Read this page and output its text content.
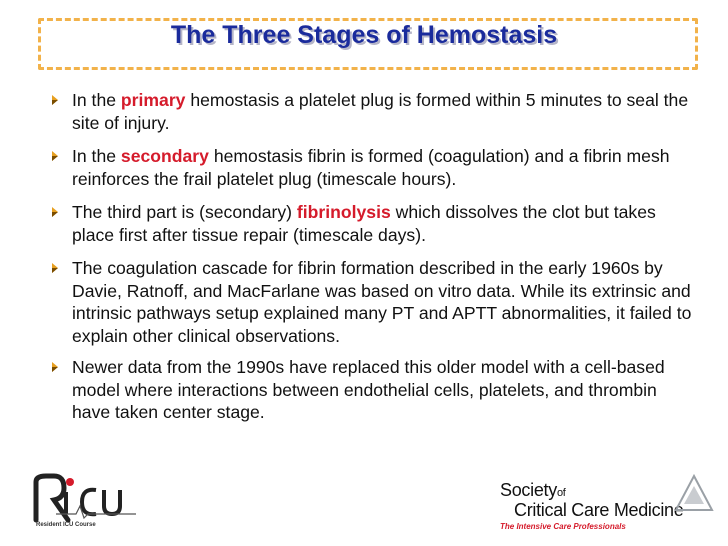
The Three Stages of Hemostasis
In the primary hemostasis a platelet plug is formed within 5 minutes to seal the site of injury.
In the secondary hemostasis fibrin is formed (coagulation) and a fibrin mesh reinforces the frail platelet plug (timescale hours).
The third part is (secondary) fibrinolysis which dissolves the clot but takes place first after tissue repair (timescale days).
The coagulation cascade for fibrin formation described in the early 1960s by Davie, Ratnoff, and MacFarlane was based on vitro data. While its extrinsic and intrinsic pathways setup explained many PT and APTT abnormalities, it failed to explain other clinical observations.
Newer data from the 1990s have replaced this older model with a cell-based model where interactions between endothelial cells, platelets, and thrombin have taken center stage.
Resident ICU Course
Societyof
Critical Care Medicine
The Intensive Care Professionals
